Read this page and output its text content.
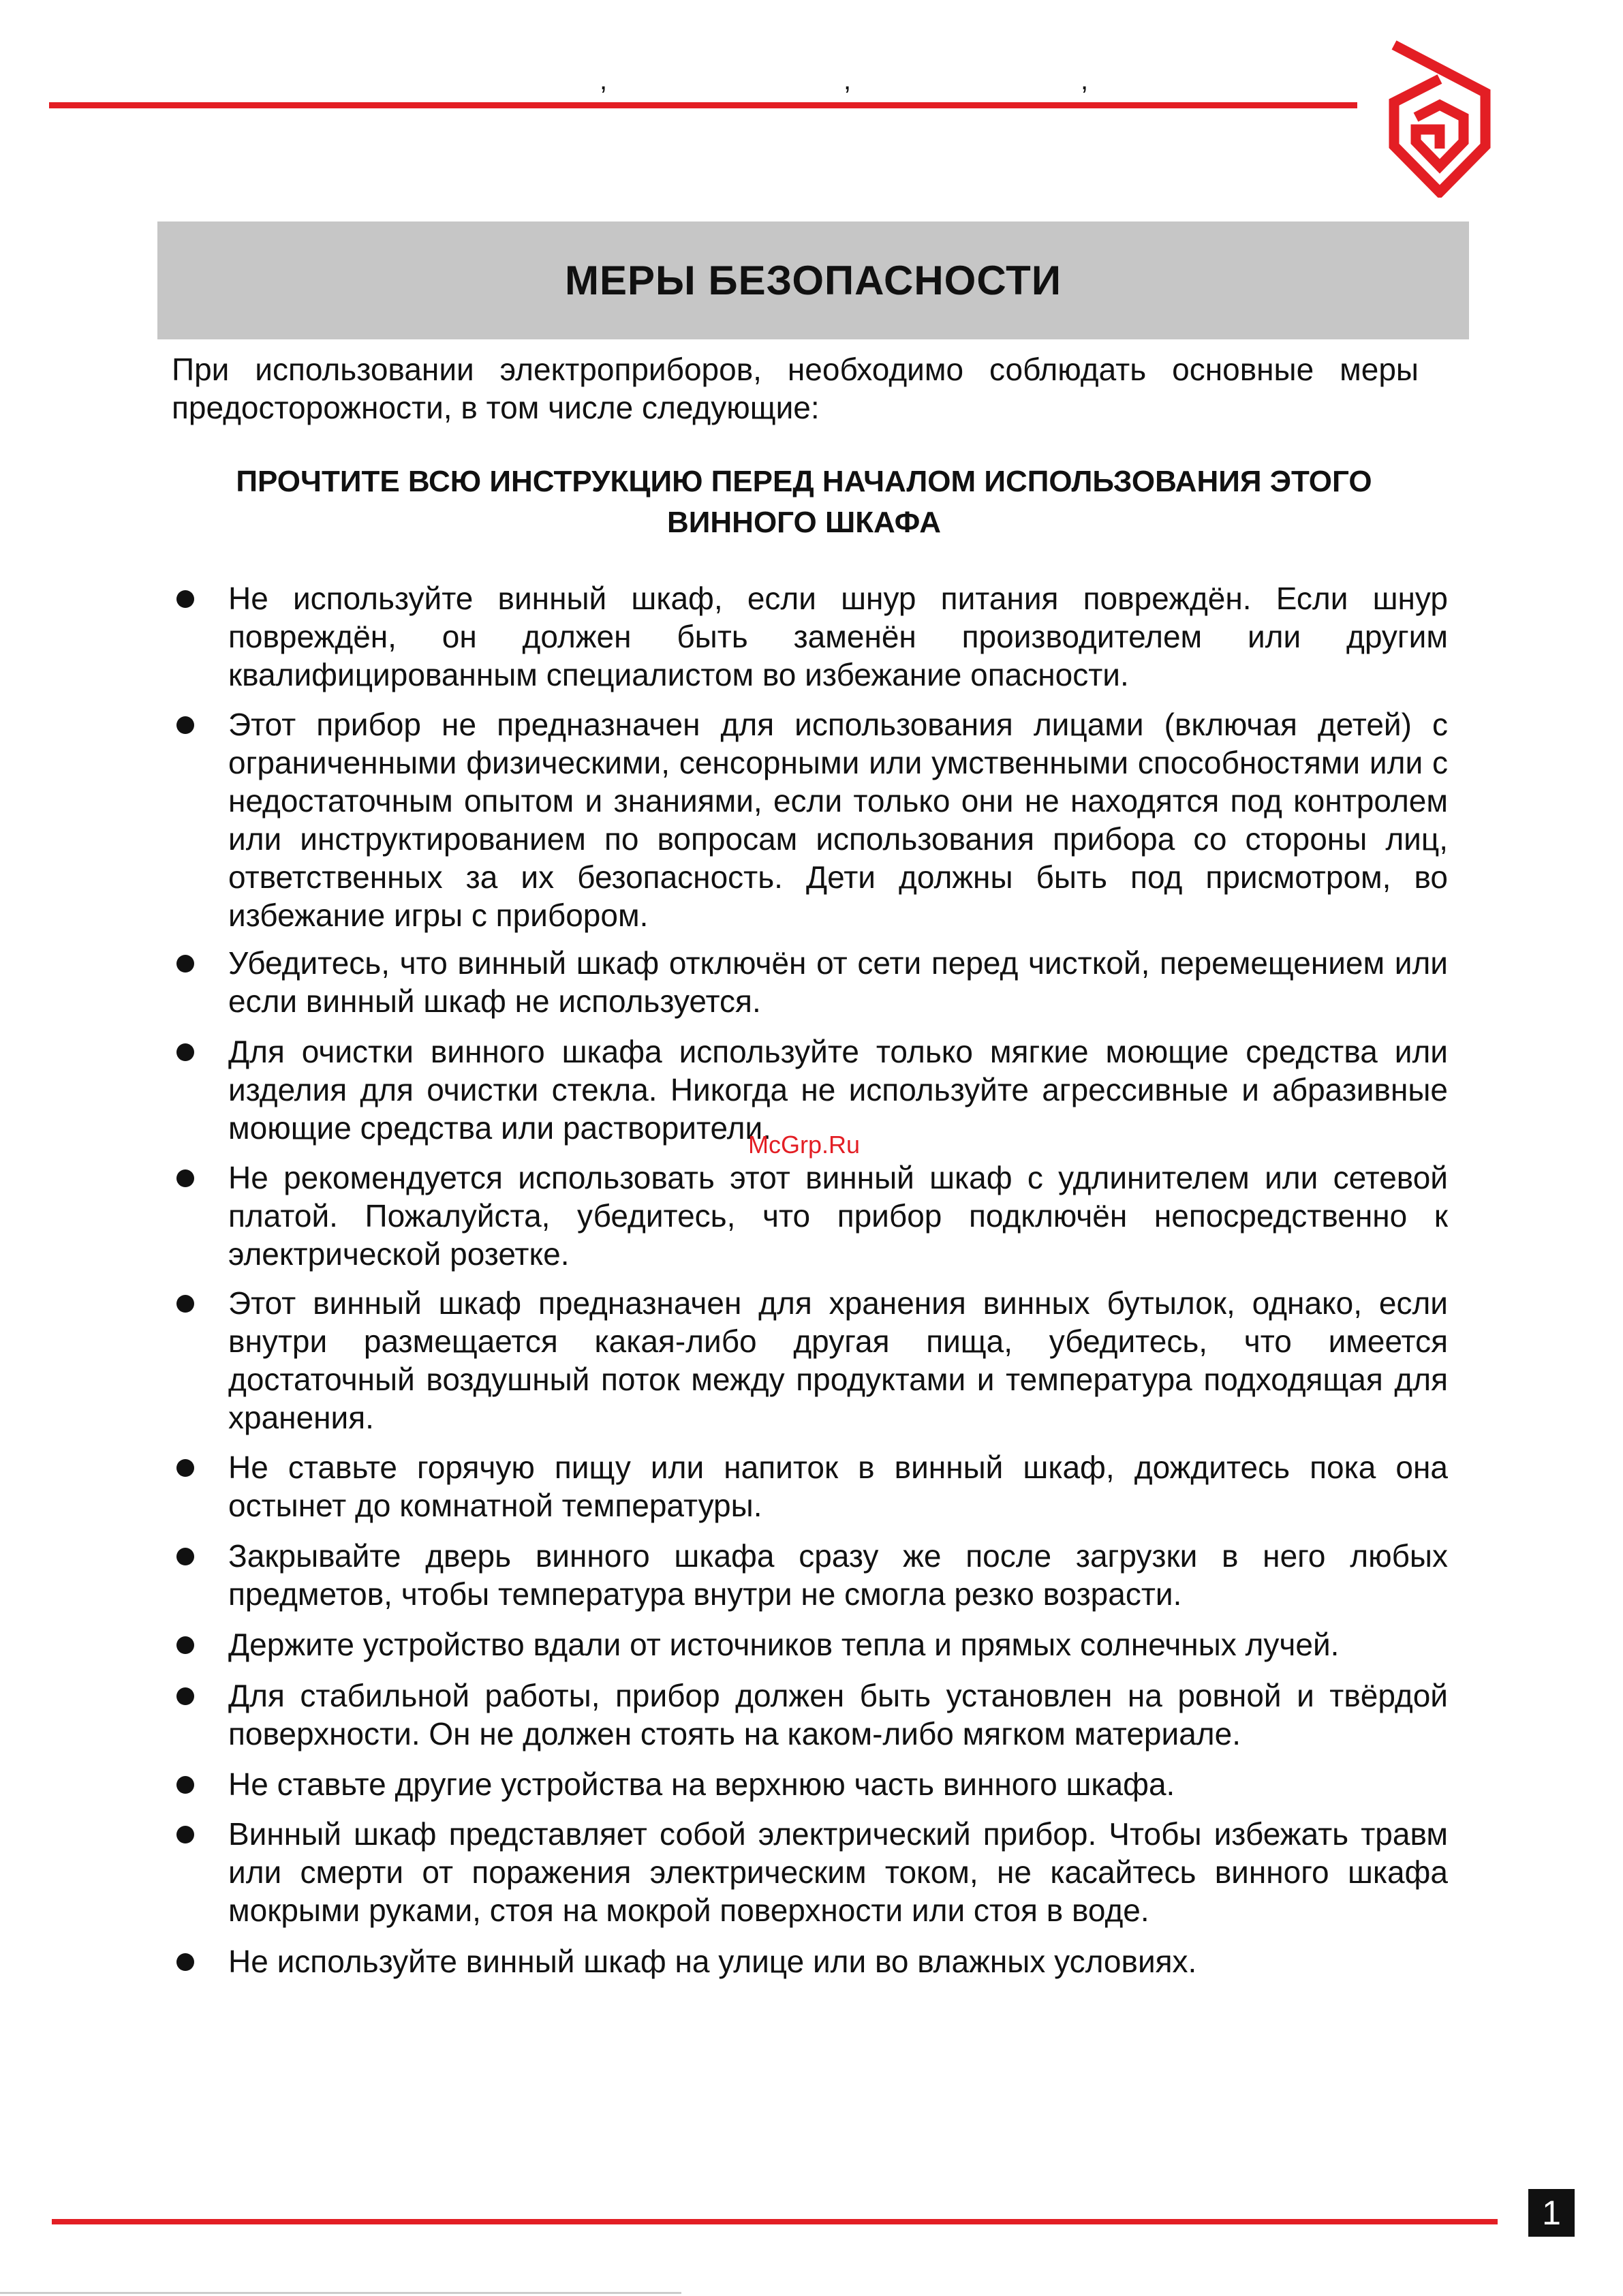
,	,	,
МЕРЫ БЕЗОПАСНОСТИ

При использовании электроприборов, необходимо соблюдать основные меры предосторожности, в том числе следующие:

ПРОЧТИТЕ ВСЮ ИНСТРУКЦИЮ ПЕРЕД НАЧАЛОМ ИСПОЛЬЗОВАНИЯ ЭТОГО
ВИННОГО ШКАФА
Не используйте винный шкаф, если шнур питания повреждён. Если шнур повреждён, он должен быть заменён производителем или другим квалифицированным специалистом во избежание опасности.
Этот прибор не предназначен для использования лицами (включая детей) с ограниченными физическими, сенсорными или умственными способностями или с недостаточным опытом и знаниями, если только они не находятся под контролем или инструктированием по вопросам использования прибора со стороны лиц, ответственных за их безопасность. Дети должны быть под присмотром, во избежание игры с прибором.
Убедитесь, что винный шкаф отключён от сети перед чисткой, перемещением или если винный шкаф не используется.
Для очистки винного шкафа используйте только мягкие моющие средства или изделия для очистки стекла. Никогда не используйте агрессивные и абразивные моющие средства или растворители.
Не рекомендуется использовать этот винный шкаф с удлинителем или сетевой платой. Пожалуйста, убедитесь, что прибор подключён непосредственно к электрической розетке.
Этот винный шкаф предназначен для хранения винных бутылок, однако, если внутри размещается какая-либо другая пища, убедитесь, что имеется достаточный воздушный поток между продуктами и температура подходящая для хранения.
Не ставьте горячую пищу или напиток в винный шкаф, дождитесь пока она остынет до комнатной температуры.
Закрывайте дверь винного шкафа сразу же после загрузки в него любых предметов, чтобы температура внутри не смогла резко возрасти.
Держите устройство вдали от источников тепла и прямых солнечных лучей.
Для стабильной работы, прибор должен быть установлен на ровной и твёрдой поверхности. Он не должен стоять на каком-либо мягком материале.
Не ставьте другие устройства на верхнюю часть винного шкафа.
Винный шкаф представляет собой электрический прибор. Чтобы избежать травм или смерти от поражения электрическим током, не касайтесь винного шкафа мокрыми руками, стоя на мокрой поверхности или стоя в воде.
Не используйте винный шкаф на улице или во влажных условиях.
McGrp.Ru
1
